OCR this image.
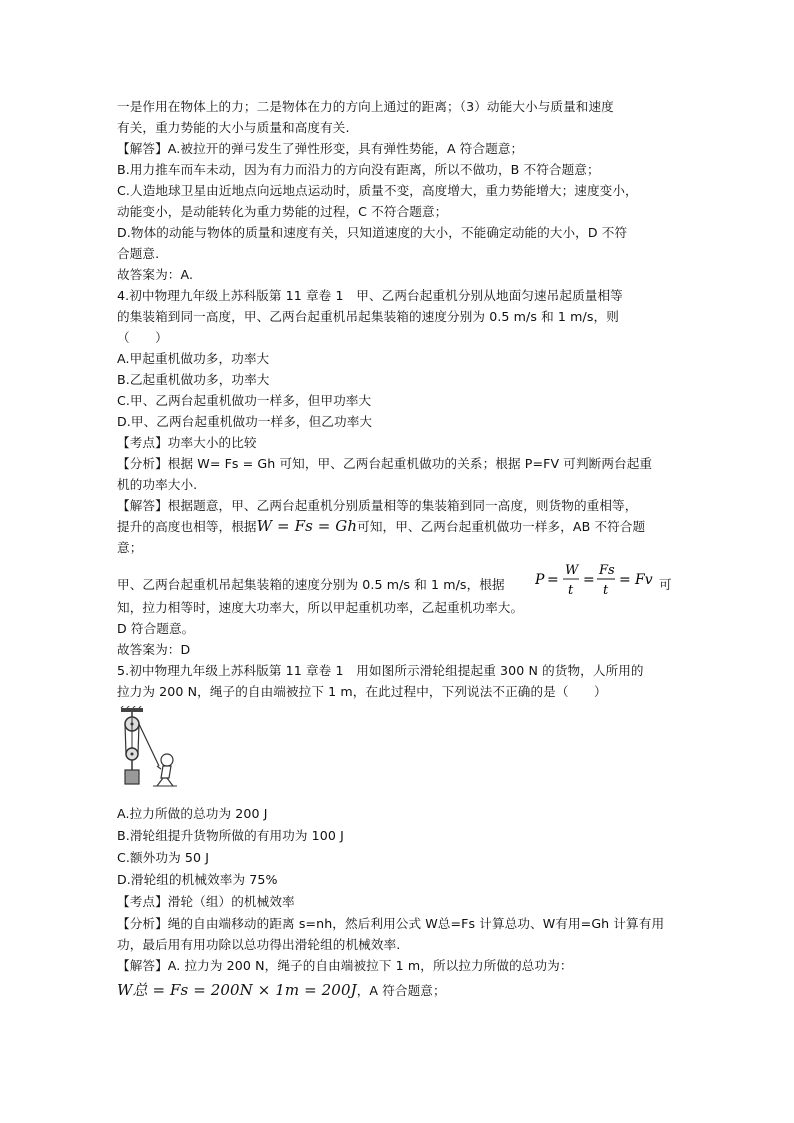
一是作用在物体上的力；二是物体在力的方向上通过的距离；（3）动能大小与质量和速度
有关，重力势能的大小与质量和高度有关.
【解答】A.被拉开的弹弓发生了弹性形变，具有弹性势能，A 符合题意；
B.用力推车而车未动，因为有力而沿力的方向没有距离，所以不做功，B 不符合题意；
C.人造地球卫星由近地点向远地点运动时，质量不变，高度增大，重力势能增大；速度变小，
动能变小，是动能转化为重力势能的过程，C 不符合题意；
D.物体的动能与物体的质量和速度有关，只知道速度的大小，不能确定动能的大小，D 不符
合题意.
故答案为：A.
4.初中物理九年级上苏科版第 11 章卷 1　甲、乙两台起重机分别从地面匀速吊起质量相等
的集装箱到同一高度，甲、乙两台起重机吊起集装箱的速度分别为 0.5 m/s 和 1 m/s，则
（　　）
A.甲起重机做功多，功率大
B.乙起重机做功多，功率大
C.甲、乙两台起重机做功一样多，但甲功率大
D.甲、乙两台起重机做功一样多，但乙功率大
【考点】功率大小的比较
【分析】根据 W= Fs = Gh 可知，甲、乙两台起重机做功的关系；根据 P=FV 可判断两台起重
机的功率大小.
【解答】根据题意，甲、乙两台起重机分别质量相等的集装箱到同一高度，则货物的重相等，
提升的高度也相等，根据W = Fs = Gh可知，甲、乙两台起重机做功一样多，AB 不符合题
意；
甲、乙两台起重机吊起集装箱的速度分别为 0.5 m/s 和 1 m/s，根据	P =
W
t
=
Fs
t
= Fv 可
知，拉力相等时，速度大功率大，所以甲起重机功率，乙起重机功率大。
D 符合题意。
故答案为：D
5.初中物理九年级上苏科版第 11 章卷 1　用如图所示滑轮组提起重 300 N 的货物，人所用的
拉力为 200 N，绳子的自由端被拉下 1 m，在此过程中，下列说法不正确的是（　　）
A.拉力所做的总功为 200 J
B.滑轮组提升货物所做的有用功为 100 J
C.额外功为 50 J
D.滑轮组的机械效率为 75%
【考点】滑轮（组）的机械效率
【分析】绳的自由端移动的距离 s=nh，然后利用公式 W总=Fs 计算总功、W有用=Gh 计算有用
功，最后用有用功除以总功得出滑轮组的机械效率.
【解答】A. 拉力为 200 N，绳子的自由端被拉下 1 m，所以拉力所做的总功为：
W总 = Fs = 200N × 1m = 200J，A 符合题意；
